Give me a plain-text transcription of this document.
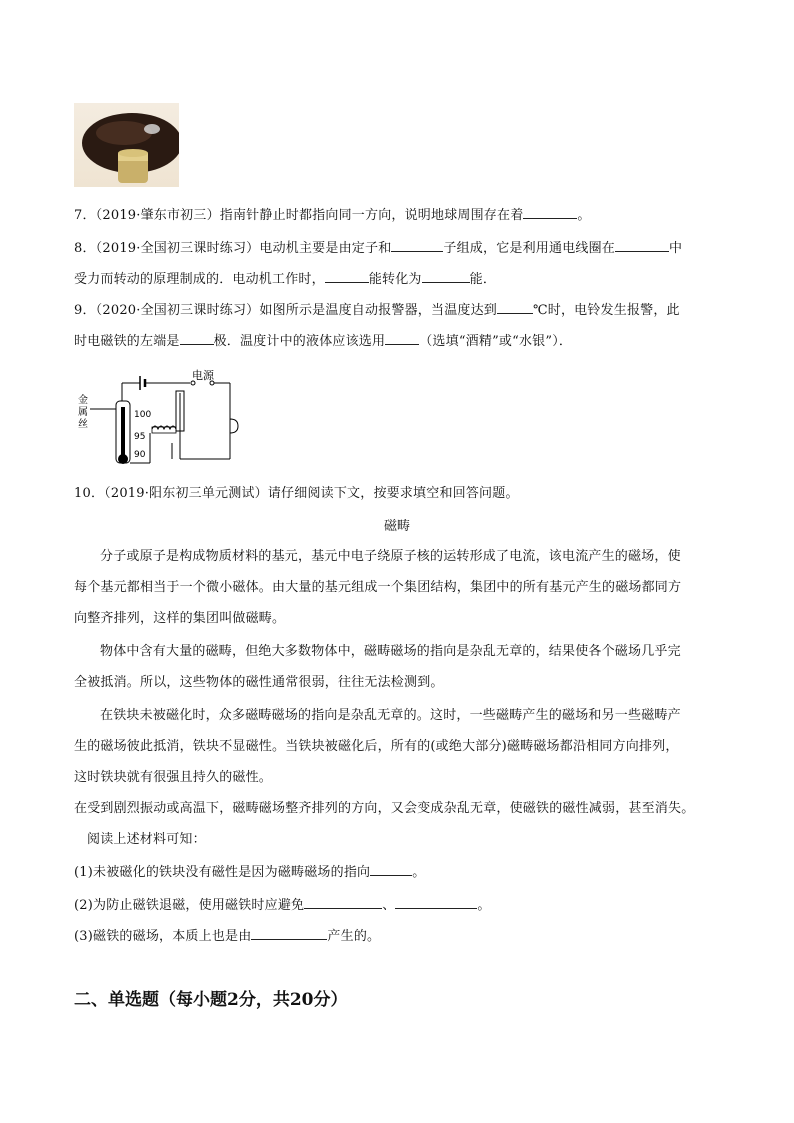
7．（2019·肇东市初三）指南针静止时都指向同一方向，说明地球周围存在着	。
8．（2019·全国初三课时练习）电动机主要是由定子和	子组成，它是利用通电线圈在	中
受力而转动的原理制成的．电动机工作时，	能转化为	能．
9．（2020·全国初三课时练习）如图所示是温度自动报警器，当温度达到	℃时，电铃发生报警，此
时电磁铁的左端是	极．温度计中的液体应该选用	（选填“酒精”或“水银”）．
电源
金
属
丝
100
95
90
10．（2019·阳东初三单元测试）请仔细阅读下文，按要求填空和回答问题。
磁畴
分子或原子是构成物质材料的基元，基元中电子绕原子核的运转形成了电流，该电流产生的磁场，使
每个基元都相当于一个微小磁体。由大量的基元组成一个集团结构，集团中的所有基元产生的磁场都同方
向整齐排列，这样的集团叫做磁畴。
物体中含有大量的磁畴，但绝大多数物体中，磁畴磁场的指向是杂乱无章的，结果使各个磁场几乎完
全被抵消。所以，这些物体的磁性通常很弱，往往无法检测到。
在铁块未被磁化时，众多磁畴磁场的指向是杂乱无章的。这时，一些磁畴产生的磁场和另一些磁畴产
生的磁场彼此抵消，铁块不显磁性。当铁块被磁化后，所有的(或绝大部分)磁畴磁场都沿相同方向排列，
这时铁块就有很强且持久的磁性。
在受到剧烈振动或高温下，磁畴磁场整齐排列的方向，又会变成杂乱无章，使磁铁的磁性减弱，甚至消失。
阅读上述材料可知：
(1)未被磁化的铁块没有磁性是因为磁畴磁场的指向	。
(2)为防止磁铁退磁，使用磁铁时应避免	、	。
(3)磁铁的磁场，本质上也是由	产生的。
二、单选题（每小题2分，共20分）
